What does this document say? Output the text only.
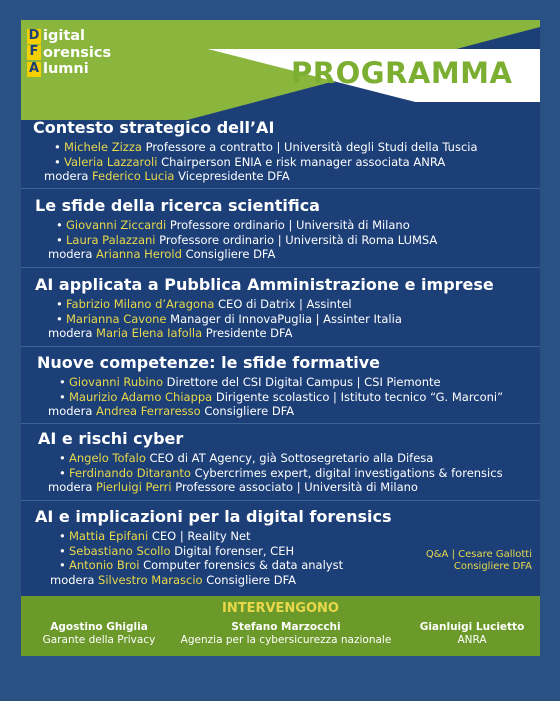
D igital
F orensics
A lumni	PROGRAMMA
Contesto strategico dell’AI
• Michele Zizza Professore a contratto | Università degli Studi della Tuscia
• Valeria Lazzaroli Chairperson ENIA e risk manager associata ANRA
modera Federico Lucia Vicepresidente DFA
Le sfide della ricerca scientifica
• Giovanni Ziccardi Professore ordinario | Università di Milano
• Laura Palazzani Professore ordinario | Università di Roma LUMSA
modera Arianna Herold Consigliere DFA
AI applicata a Pubblica Amministrazione e imprese
• Fabrizio Milano d’Aragona CEO di Datrix | Assintel
• Marianna Cavone Manager di InnovaPuglia | Assinter Italia
modera Maria Elena Iafolla Presidente DFA
Nuove competenze: le sfide formative
• Giovanni Rubino Direttore del CSI Digital Campus | CSI Piemonte
• Maurizio Adamo Chiappa Dirigente scolastico | Istituto tecnico “G. Marconi”
modera Andrea Ferraresso Consigliere DFA
AI e rischi cyber
• Angelo Tofalo CEO di AT Agency, già Sottosegretario alla Difesa
• Ferdinando Ditaranto Cybercrimes expert, digital investigations & forensics
modera Pierluigi Perri Professore associato | Università di Milano
AI e implicazioni per la digital forensics
• Mattia Epifani CEO | Reality Net
• Sebastiano Scollo Digital forenser, CEH
• Antonio Broi Computer forensics & data analyst
modera Silvestro Marascio Consigliere DFA
Q&A | Cesare Gallotti
Consigliere DFA
INTERVENGONO
Agostino Ghiglia
Garante della Privacy
Stefano Marzocchi
Agenzia per la cybersicurezza nazionale
Gianluigi Lucietto
ANRA
